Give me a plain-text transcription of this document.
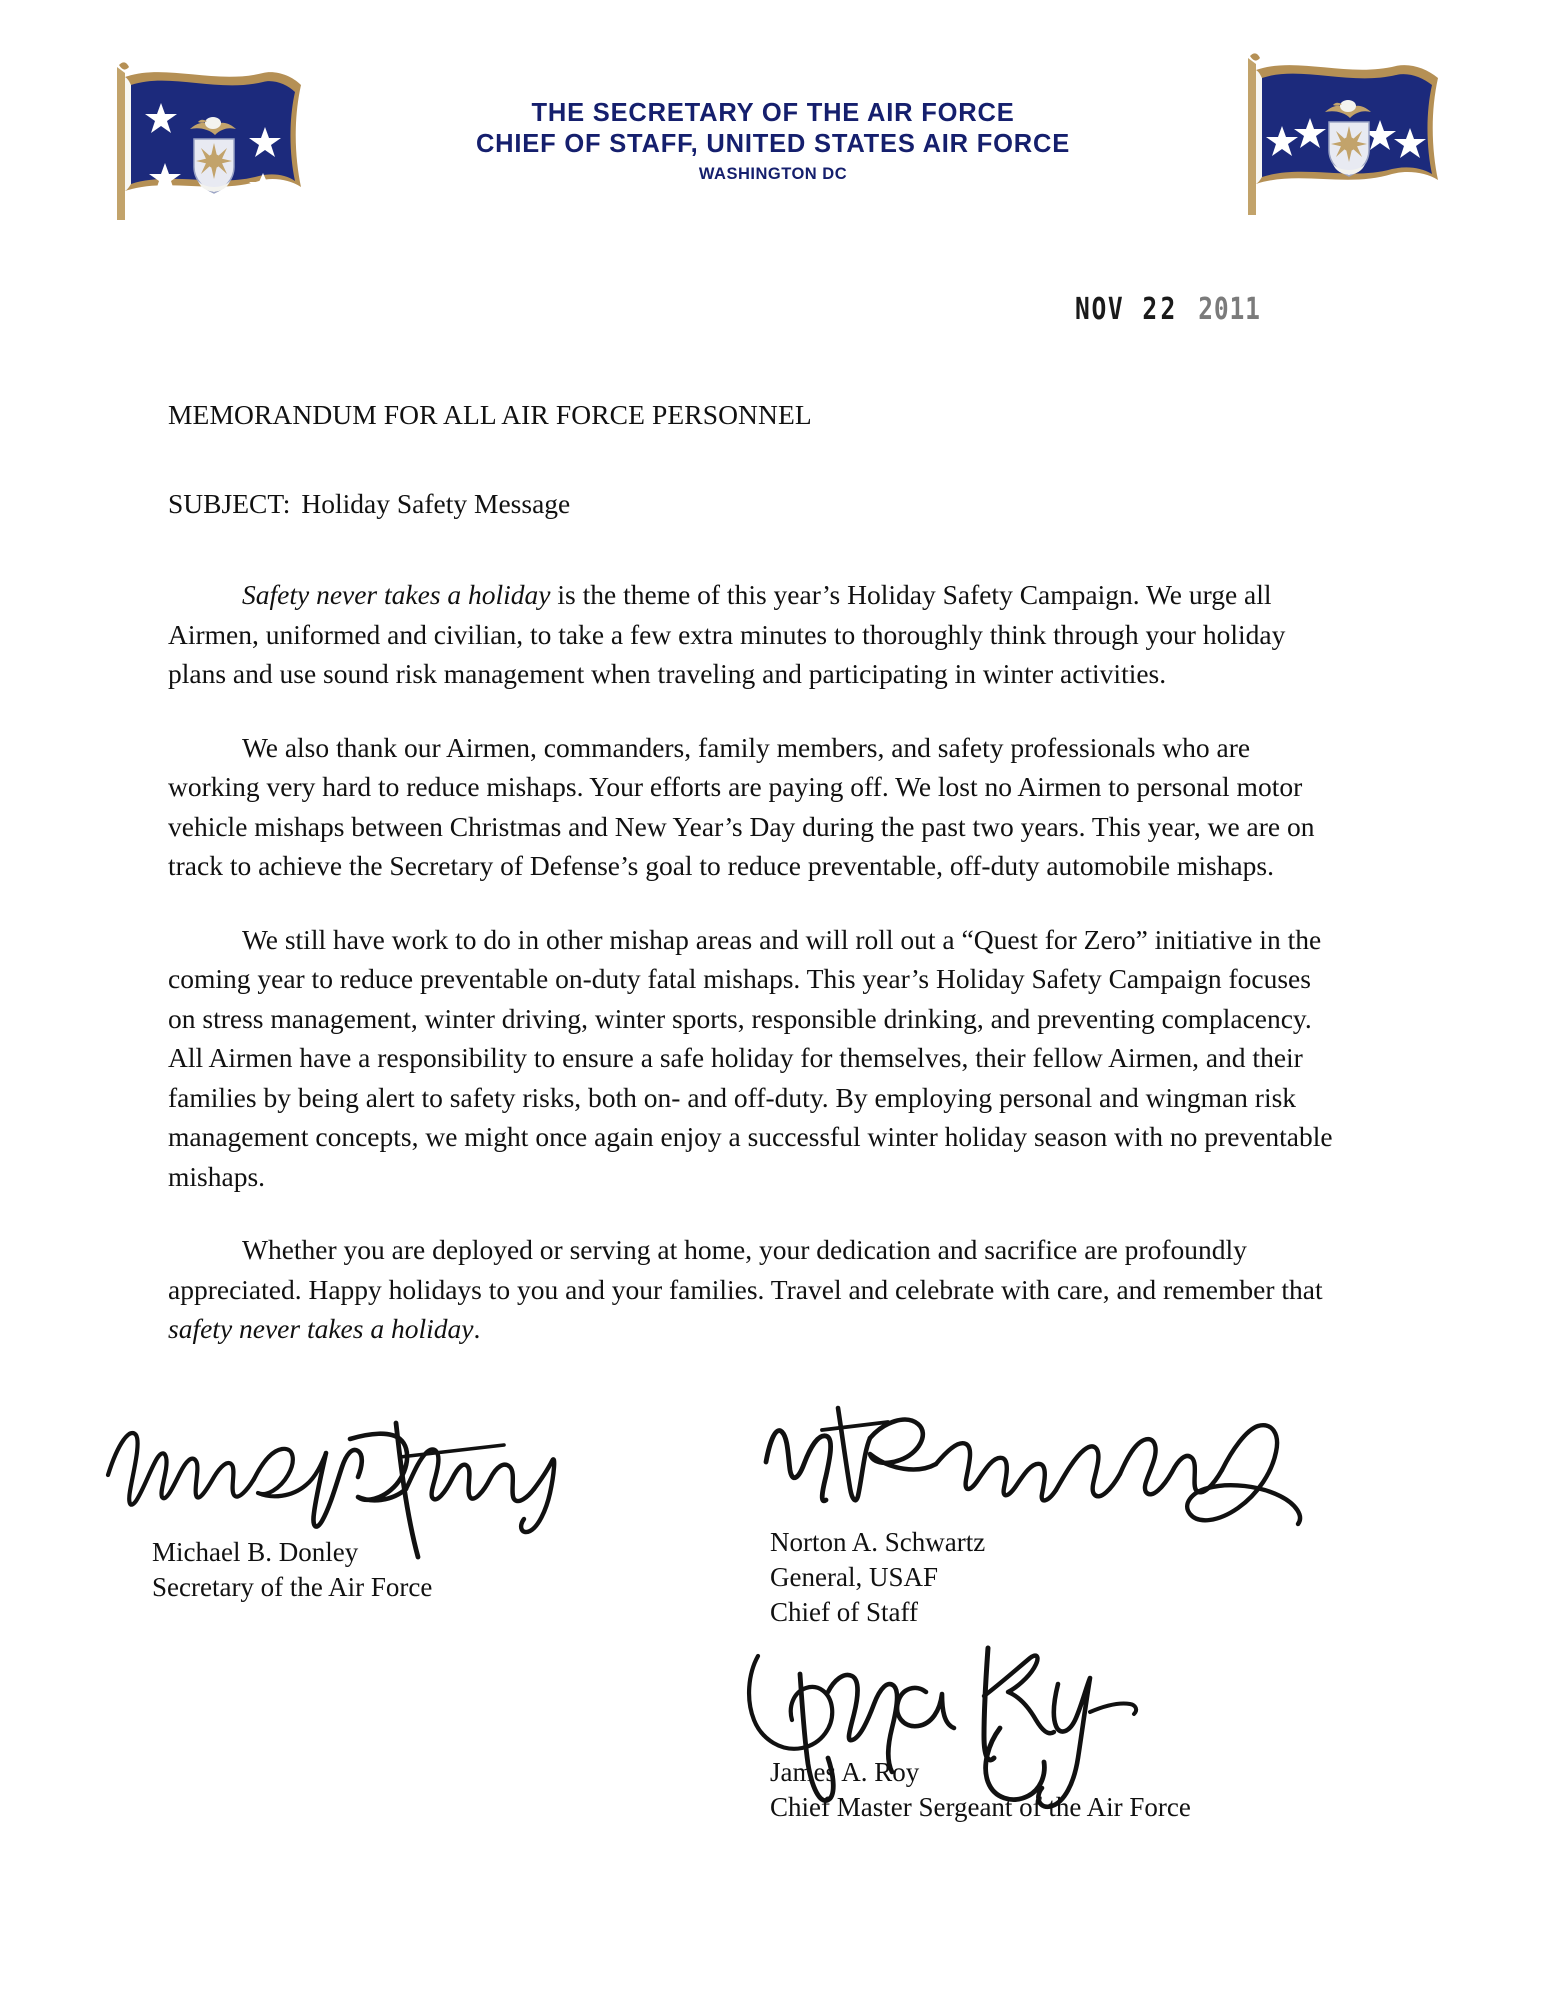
THE SECRETARY OF THE AIR FORCE
CHIEF OF STAFF, UNITED STATES AIR FORCE
WASHINGTON DC
NOV 22 2011
MEMORANDUM FOR ALL AIR FORCE PERSONNEL
SUBJECT: Holiday Safety Message

Safety never takes a holiday is the theme of this year’s Holiday Safety Campaign. We urge all Airmen, uniformed and civilian, to take a few extra minutes to thoroughly think through your holiday plans and use sound risk management when traveling and participating in winter activities.

We also thank our Airmen, commanders, family members, and safety professionals who are working very hard to reduce mishaps. Your efforts are paying off. We lost no Airmen to personal motor vehicle mishaps between Christmas and New Year’s Day during the past two years. This year, we are on track to achieve the Secretary of Defense’s goal to reduce preventable, off-duty automobile mishaps.

We still have work to do in other mishap areas and will roll out a “Quest for Zero” initiative in the coming year to reduce preventable on-duty fatal mishaps. This year’s Holiday Safety Campaign focuses on stress management, winter driving, winter sports, responsible drinking, and preventing complacency. All Airmen have a responsibility to ensure a safe holiday for themselves, their fellow Airmen, and their families by being alert to safety risks, both on- and off-duty. By employing personal and wingman risk management concepts, we might once again enjoy a successful winter holiday season with no preventable mishaps.

Whether you are deployed or serving at home, your dedication and sacrifice are profoundly appreciated. Happy holidays to you and your families. Travel and celebrate with care, and remember that safety never takes a holiday.

Michael B. Donley
Secretary of the Air Force
Norton A. Schwartz
General, USAF
Chief of Staff
James A. Roy
Chief Master Sergeant of the Air Force
